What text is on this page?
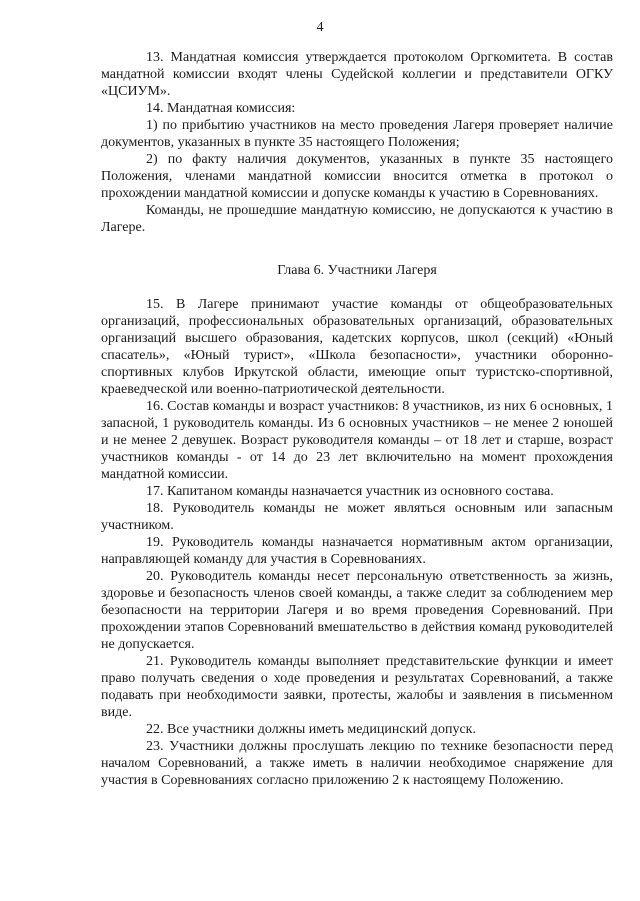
4

13. Мандатная комиссия утверждается протоколом Оргкомитета. В состав мандатной комиссии входят члены Судейской коллегии и представители ОГКУ «ЦСИУМ».

14. Мандатная комиссия:

1) по прибытию участников на место проведения Лагеря проверяет наличие документов, указанных в пункте 35 настоящего Положения;

2) по факту наличия документов, указанных в пункте 35 настоящего Положения, членами мандатной комиссии вносится отметка в протокол о прохождении мандатной комиссии и допуске команды к участию в Соревнованиях.

Команды, не прошедшие мандатную комиссию, не допускаются к участию в Лагере.

Глава 6. Участники Лагеря

15. В Лагере принимают участие команды от общеобразовательных организаций, профессиональных образовательных организаций, образовательных организаций высшего образования, кадетских корпусов, школ (секций) «Юный спасатель», «Юный турист», «Школа безопасности», участники оборонно-спортивных клубов Иркутской области, имеющие опыт туристско-спортивной, краеведческой или военно-патриотической деятельности.

16. Состав команды и возраст участников: 8 участников, из них 6 основных, 1 запасной, 1 руководитель команды. Из 6 основных участников – не менее 2 юношей и не менее 2 девушек. Возраст руководителя команды – от 18 лет и старше, возраст участников команды - от 14 до 23 лет включительно на момент прохождения мандатной комиссии.

17. Капитаном команды назначается участник из основного состава.

18. Руководитель команды не может являться основным или запасным участником.

19. Руководитель команды назначается нормативным актом организации, направляющей команду для участия в Соревнованиях.

20. Руководитель команды несет персональную ответственность за жизнь, здоровье и безопасность членов своей команды, а также следит за соблюдением мер безопасности на территории Лагеря и во время проведения Соревнований. При прохождении этапов Соревнований вмешательство в действия команд руководителей не допускается.

21. Руководитель команды выполняет представительские функции и имеет право получать сведения о ходе проведения и результатах Соревнований, а также подавать при необходимости заявки, протесты, жалобы и заявления в письменном виде.

22. Все участники должны иметь медицинский допуск.

23. Участники должны прослушать лекцию по технике безопасности перед началом Соревнований, а также иметь в наличии необходимое снаряжение для участия в Соревнованиях согласно приложению 2 к настоящему Положению.
